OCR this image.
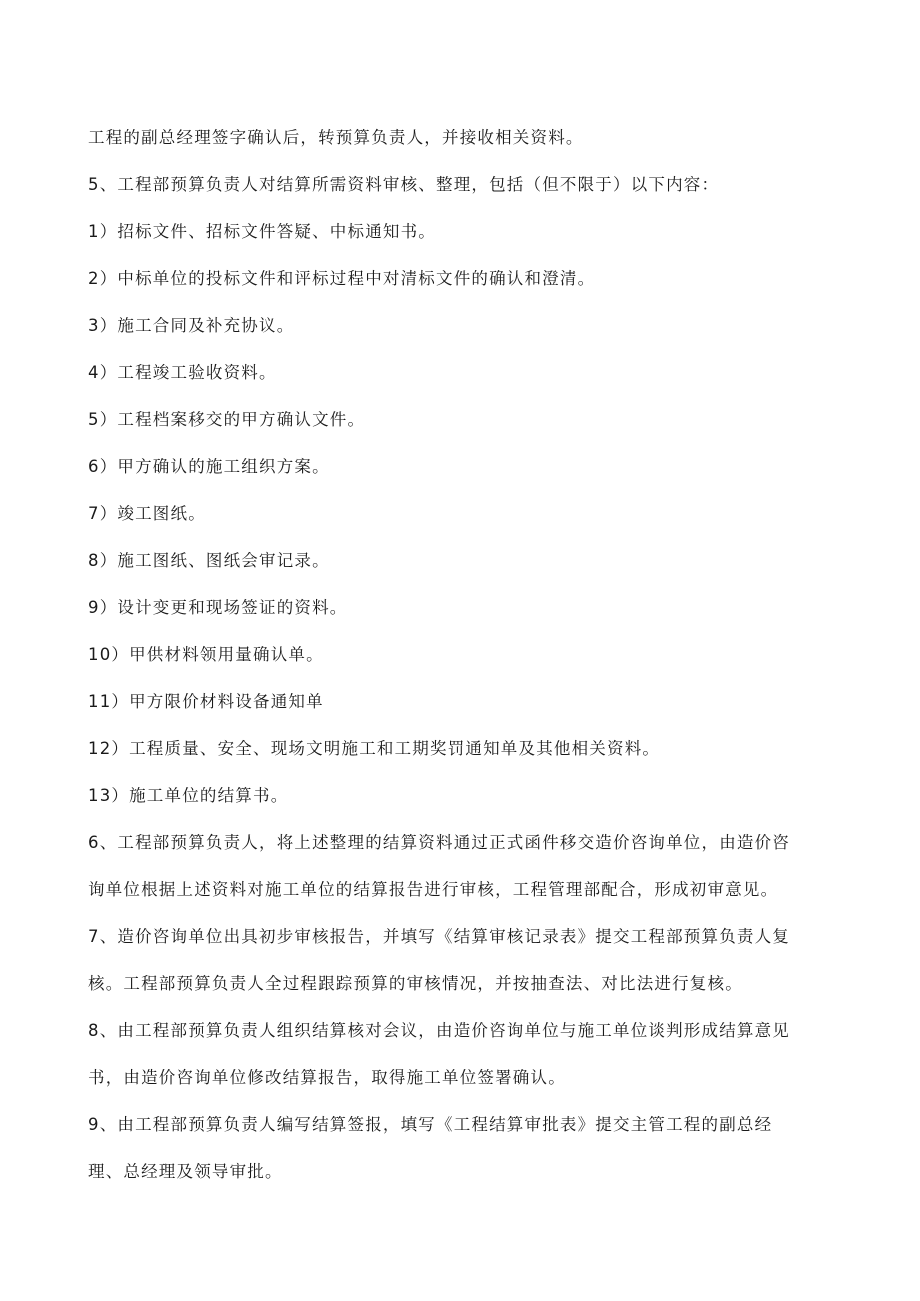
工程的副总经理签字确认后，转预算负责人，并接收相关资料。
5、工程部预算负责人对结算所需资料审核、整理，包括（但不限于）以下内容：
1）招标文件、招标文件答疑、中标通知书。
2）中标单位的投标文件和评标过程中对清标文件的确认和澄清。
3）施工合同及补充协议。
4）工程竣工验收资料。
5）工程档案移交的甲方确认文件。
6）甲方确认的施工组织方案。
7）竣工图纸。
8）施工图纸、图纸会审记录。
9）设计变更和现场签证的资料。
10）甲供材料领用量确认单。
11）甲方限价材料设备通知单
12）工程质量、安全、现场文明施工和工期奖罚通知单及其他相关资料。
13）施工单位的结算书。
6、工程部预算负责人，将上述整理的结算资料通过正式函件移交造价咨询单位，由造价咨
询单位根据上述资料对施工单位的结算报告进行审核，工程管理部配合，形成初审意见。
7、造价咨询单位出具初步审核报告，并填写《结算审核记录表》提交工程部预算负责人复
核。工程部预算负责人全过程跟踪预算的审核情况，并按抽查法、对比法进行复核。
8、由工程部预算负责人组织结算核对会议，由造价咨询单位与施工单位谈判形成结算意见
书，由造价咨询单位修改结算报告，取得施工单位签署确认。
9、由工程部预算负责人编写结算签报，填写《工程结算审批表》提交主管工程的副总经
理、总经理及领导审批。
